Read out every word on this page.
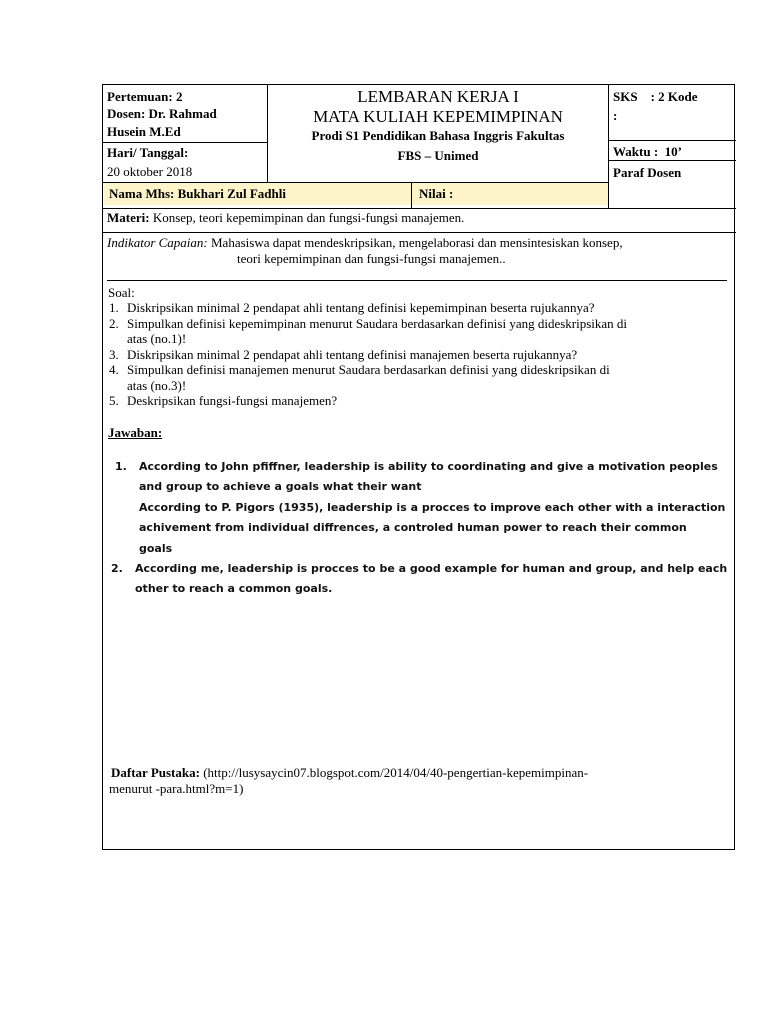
Pertemuan: 2
Dosen: Dr. Rahmad
Husein M.Ed
Hari/ Tanggal:
20 oktober 2018
Nama Mhs: Bukhari Zul Fadhli	Nilai :
LEMBARAN KERJA I
MATA KULIAH KEPEMIMPINAN
Prodi S1 Pendidikan Bahasa Inggris Fakultas
FBS – Unimed
SKS    : 2 Kode
:
Waktu :  10’
Paraf Dosen
Materi: Konsep, teori kepemimpinan dan fungsi-fungsi manajemen.
Indikator Capaian: Mahasiswa dapat mendeskripsikan, mengelaborasi dan mensintesiskan konsep,
teori kepemimpinan dan fungsi-fungsi manajemen..
Soal:
1. Diskripsikan minimal 2 pendapat ahli tentang definisi kepemimpinan beserta rujukannya?
2. Simpulkan definisi kepemimpinan menurut Saudara berdasarkan definisi yang dideskripsikan di
atas (no.1)!
3. Diskripsikan minimal 2 pendapat ahli tentang definisi manajemen beserta rujukannya?
4. Simpulkan definisi manajemen menurut Saudara berdasarkan definisi yang dideskripsikan di
atas (no.3)!
5. Deskripsikan fungsi-fungsi manajemen?
Jawaban:
1. According to John pfiffner, leadership is ability to coordinating and give a motivation peoples
and group to achieve a goals what their want
According to P. Pigors (1935), leadership is a procces to improve each other with a interaction
achivement from individual diffrences, a controled human power to reach their common
goals
2. According me, leadership is procces to be a good example for human and group, and help each
other to reach a common goals.
Daftar Pustaka: (http://lusysaycin07.blogspot.com/2014/04/40-pengertian-kepemimpinan-
menurut -para.html?m=1)
